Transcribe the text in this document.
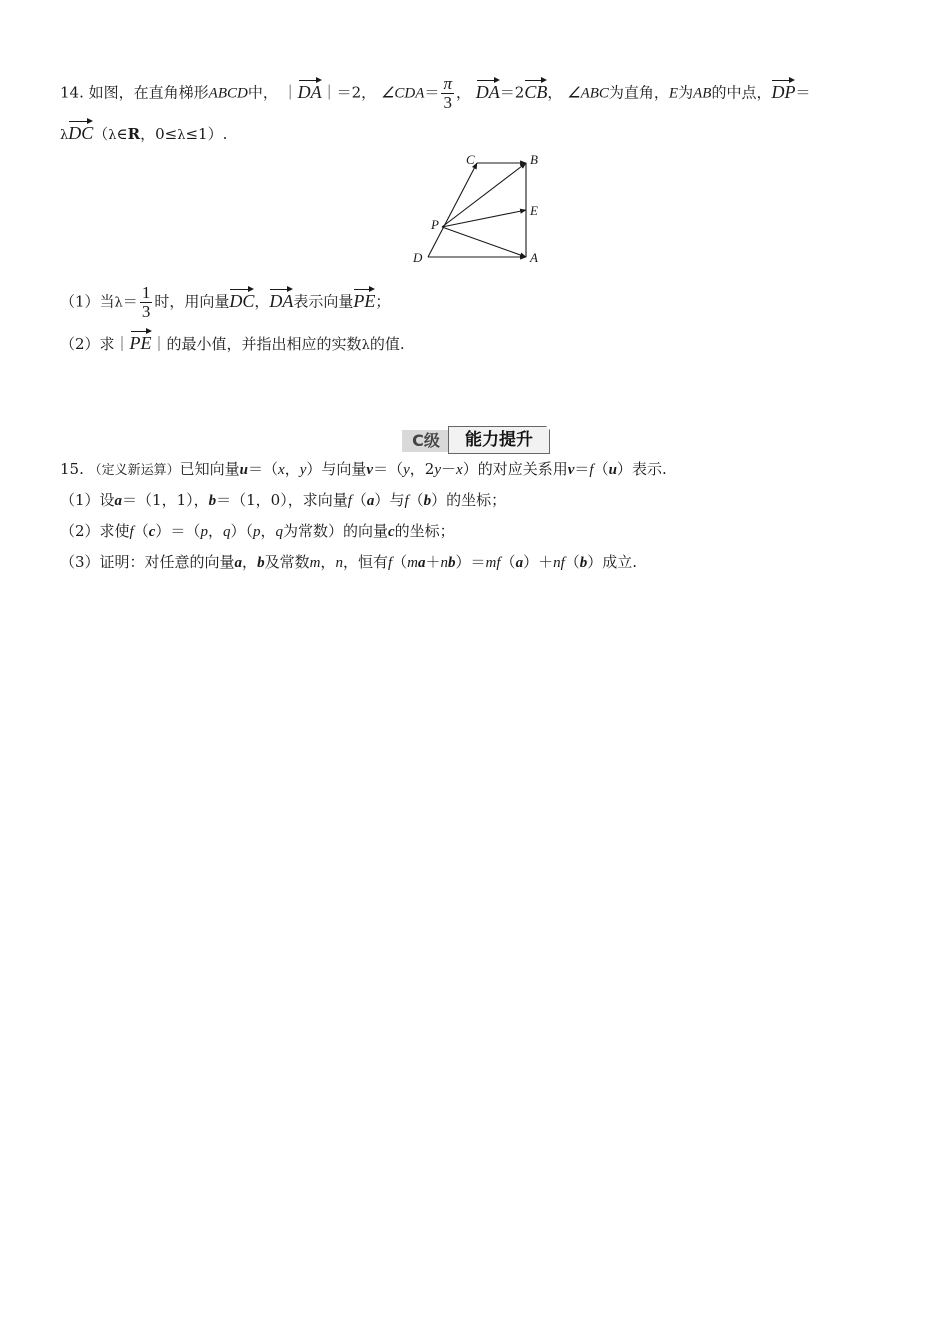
14. 如图，在直角梯形ABCD中， ｜DA｜＝2， ∠CDA＝ $\frac{\pi}{3}$ ， DA＝2CB， ∠ABC为直角，E为AB的中点，DP＝
λDC（λ∈R，0≤λ≤1）.
C	B
E
P
D	A
（1）当$\lambda= \frac{1}{3}$ 时，用向量DC，DA表示向量PE；
（2）求｜PE｜的最小值，并指出相应的实数λ的值.
C级	能力提升
15. （定义新运算）已知向量u＝（x，y）与向量v＝（y，2y－x）的对应关系用v＝f（u）表示.
（1）设a＝（1，1），b＝（1，0），求向量f（a）与f（b）的坐标；
（2）求使f（c）＝（p，q）（p，q为常数）的向量c的坐标；
（3）证明：对任意的向量a，b及常数m，n，恒有f（ma＋nb）＝mf（a）＋nf（b）成立.
